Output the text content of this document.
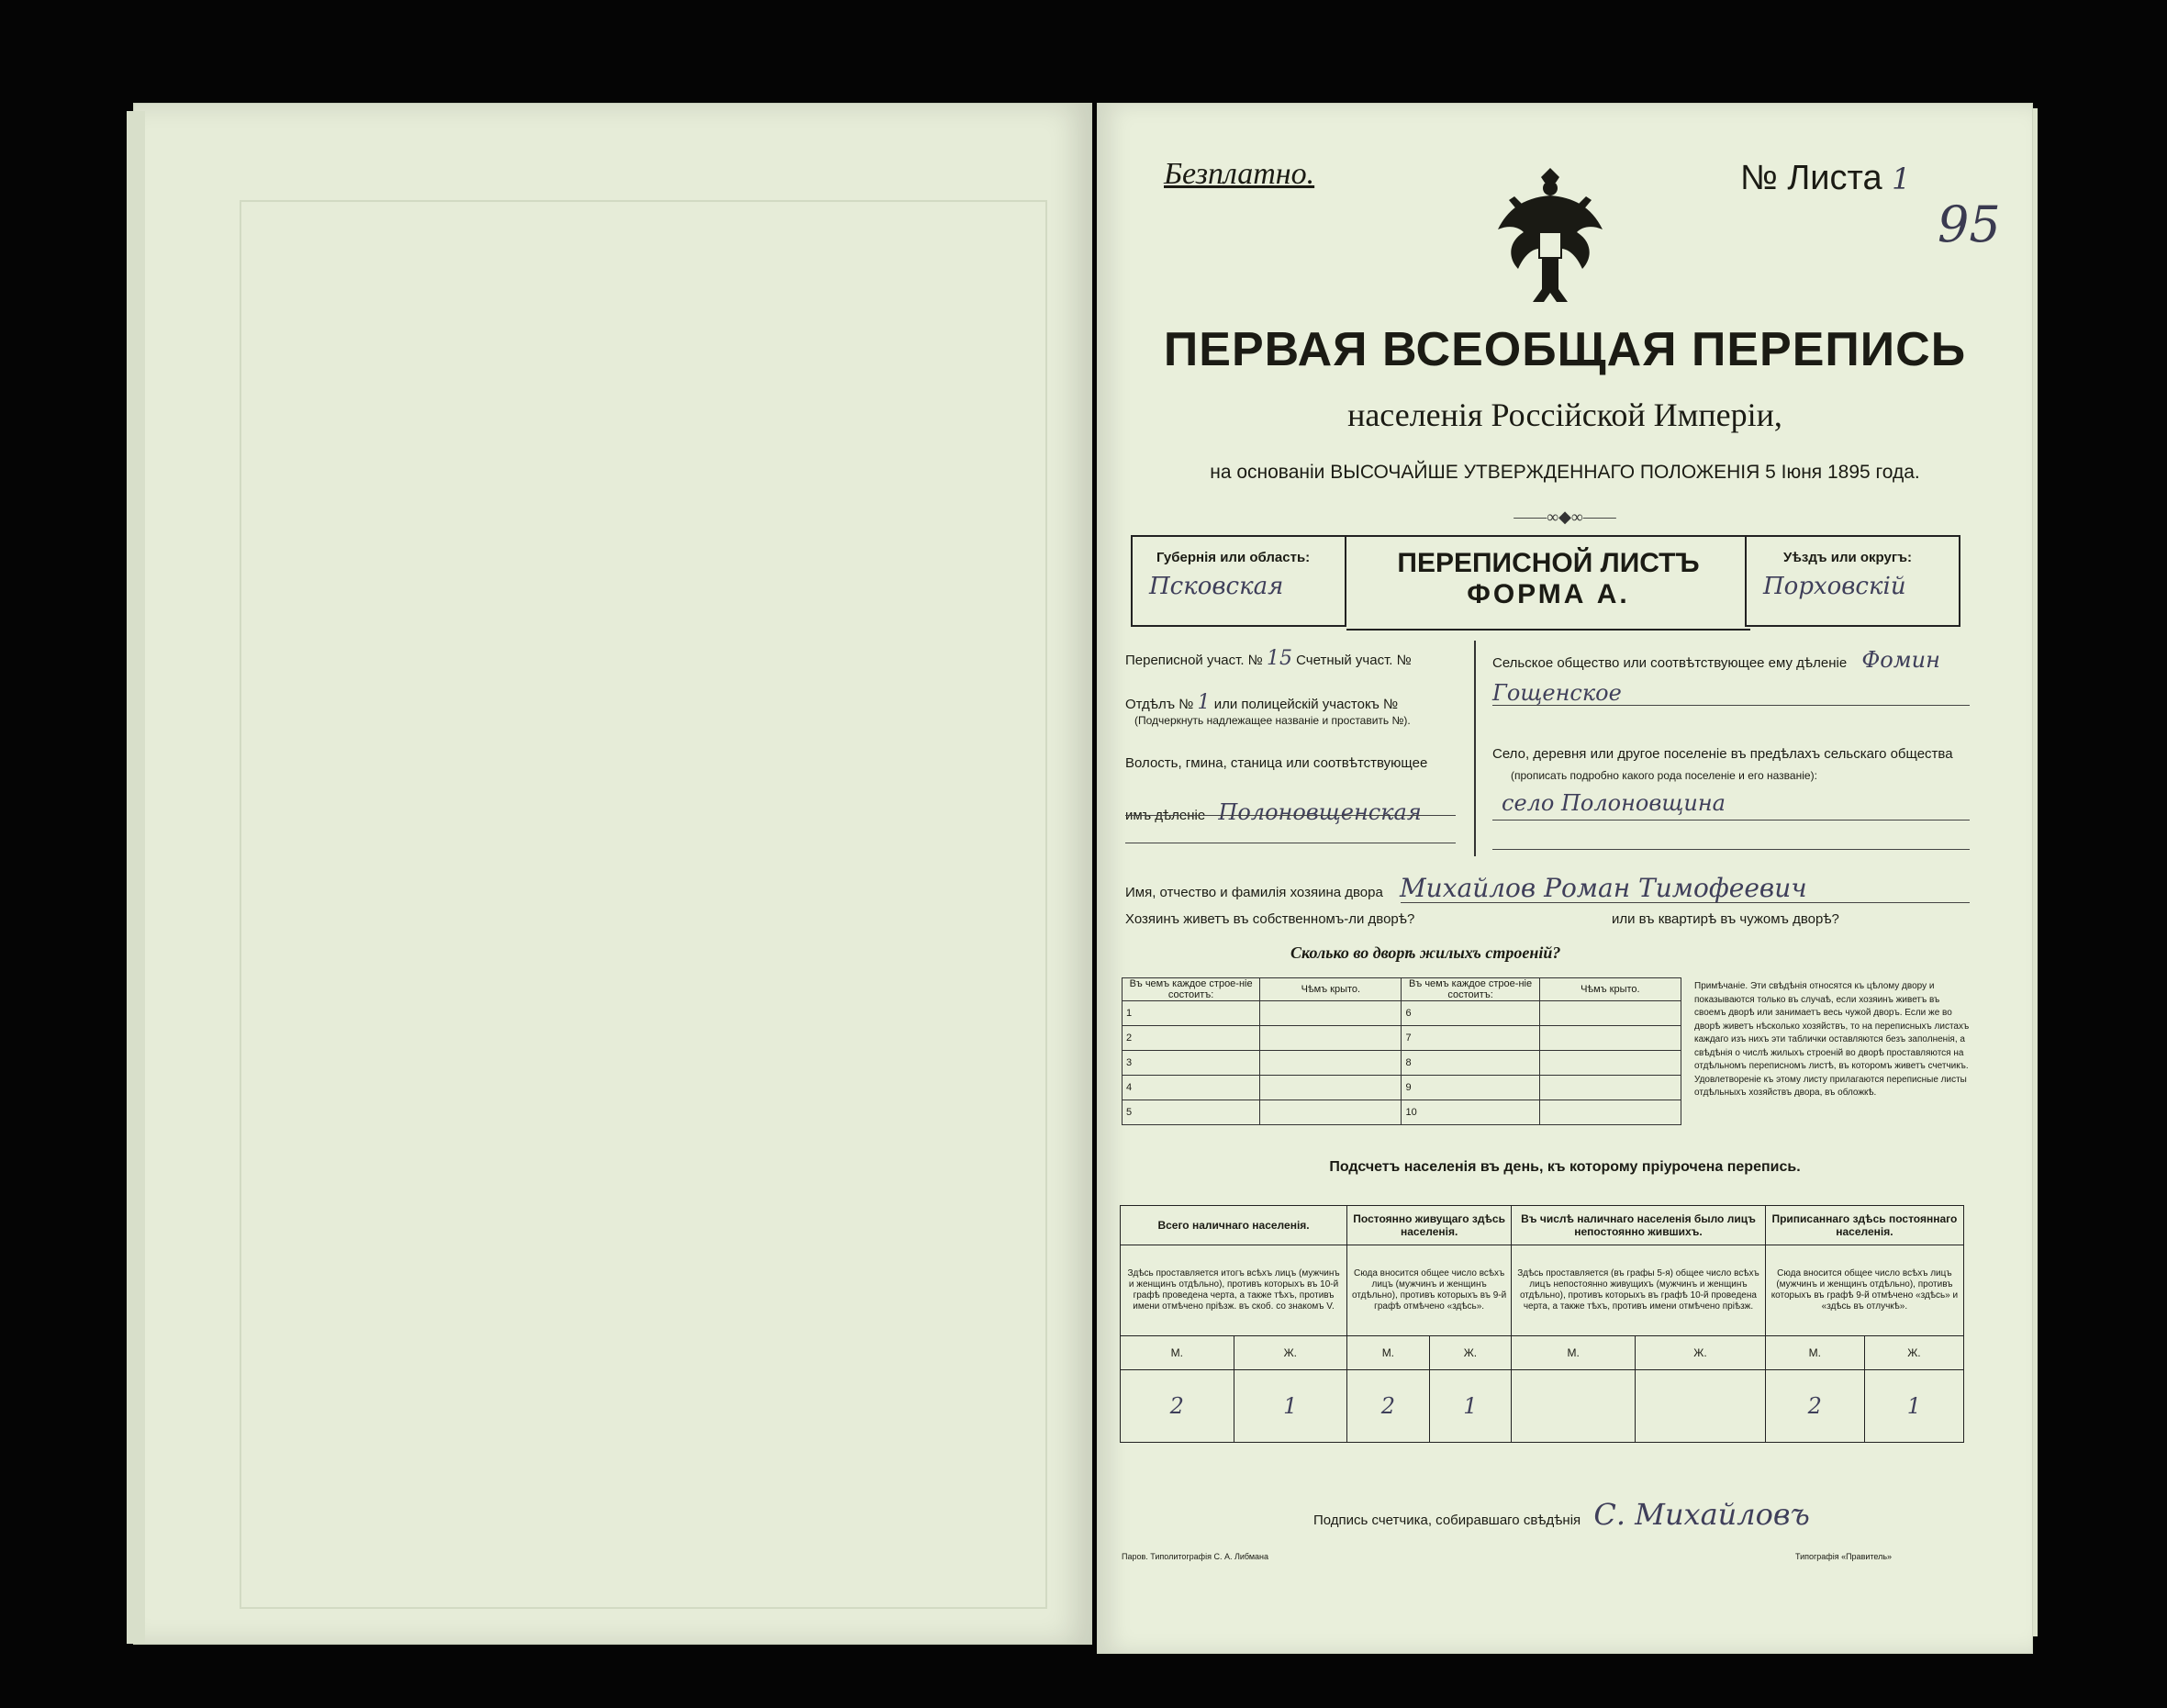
Безплатно.	№ Листа 1
95
ПЕРВАЯ ВСЕОБЩАЯ ПЕРЕПИСЬ
населенія Россійской Имперіи,
на основаніи ВЫСОЧАЙШЕ УТВЕРЖДЕННАГО ПОЛОЖЕНІЯ 5 Іюня 1895 года.
——∞◆∞——
Губернія или область:
Псковская
ПЕРЕПИСНОЙ ЛИСТЪ
ФОРМА А.
Уѣздъ или округъ:
Порховскій
Переписной участ. № 15 Счетный участ. №
Отдѣлъ № 1 или полицейскій участокъ №
(Подчеркнуть надлежащее названіе и проставить №).
Волость, гмина, станица или соотвѣтствующее
имъ дѣленіе Полоновщенская
Сельское общество или соотвѣтствующее ему дѣленіе Фомин
Гощенское
Село, деревня или другое поселеніе въ предѣлахъ сельскаго общества
(прописать подробно какого рода поселеніе и его названіе):
село Полоновщина
Имя, отчество и фамилія хозяина двора Михайлов Роман Тимофеевич
Хозяинъ живетъ въ собственномъ-ли дворѣ?	или въ квартирѣ въ чужомъ дворѣ?
Сколько во дворѣ жилыхъ строеній?
Въ чемъ каждое строе-ніе состоитъ:	Чѣмъ крыто.	Въ чемъ каждое строе-ніе состоитъ:	Чѣмъ крыто.
1		6	
2		7	
3		8	
4		9	
5		10	
Примѣчаніе. Эти свѣдѣнія относятся къ цѣлому двору и показываются только въ случаѣ, если хозяинъ живетъ въ своемъ дворѣ или занимаетъ весь чужой дворъ. Если же во дворѣ живетъ нѣсколько хозяйствъ, то на переписныхъ листахъ каждаго изъ нихъ эти таблички оставляются безъ заполненія, а свѣдѣнія о числѣ жилыхъ строеній во дворѣ проставляются на отдѣльномъ переписномъ листѣ, въ которомъ живетъ счетчикъ. Удовлетвореніе къ этому листу прилагаются переписные листы отдѣльныхъ хозяйствъ двора, въ обложкѣ.
Подсчетъ населенія въ день, къ которому пріурочена перепись.
Всего наличнаго населенія.		Постоянно живущаго здѣсь населенія.		Въ числѣ наличнаго населенія было лицъ непостоянно жившихъ.		Приписаннаго здѣсь постояннаго населенія.	
Здѣсь проставляется итогъ всѣхъ лицъ (мужчинъ и женщинъ отдѣльно), противъ которыхъ въ 10-й графѣ проведена черта, а также тѣхъ, противъ имени отмѣчено пріѣзж. въ скоб. со знакомъ V.		Сюда вносится общее число всѣхъ лицъ (мужчинъ и женщинъ отдѣльно), противъ которыхъ въ 9-й графѣ отмѣчено «здѣсь».		Здѣсь проставляется (въ графы 5-я) общее число всѣхъ лицъ непостоянно живущихъ (мужчинъ и женщинъ отдѣльно), противъ которыхъ въ графѣ 10-й проведена черта, а также тѣхъ, противъ имени отмѣчено пріѣзж.		Сюда вносится общее число всѣхъ лицъ (мужчинъ и женщинъ отдѣльно), противъ которыхъ въ графѣ 9-й отмѣчено «здѣсь» и «здѣсь въ отлучкѣ».	
М.	Ж.	М.	Ж.	М.	Ж.	М.	Ж.
2	1	2	1			2	1
Подпись счетчика, собиравшаго свѣдѣнія С. Михайловъ
Паров. Типолитографія С. А. Либмана	Типографія «Правитель»
